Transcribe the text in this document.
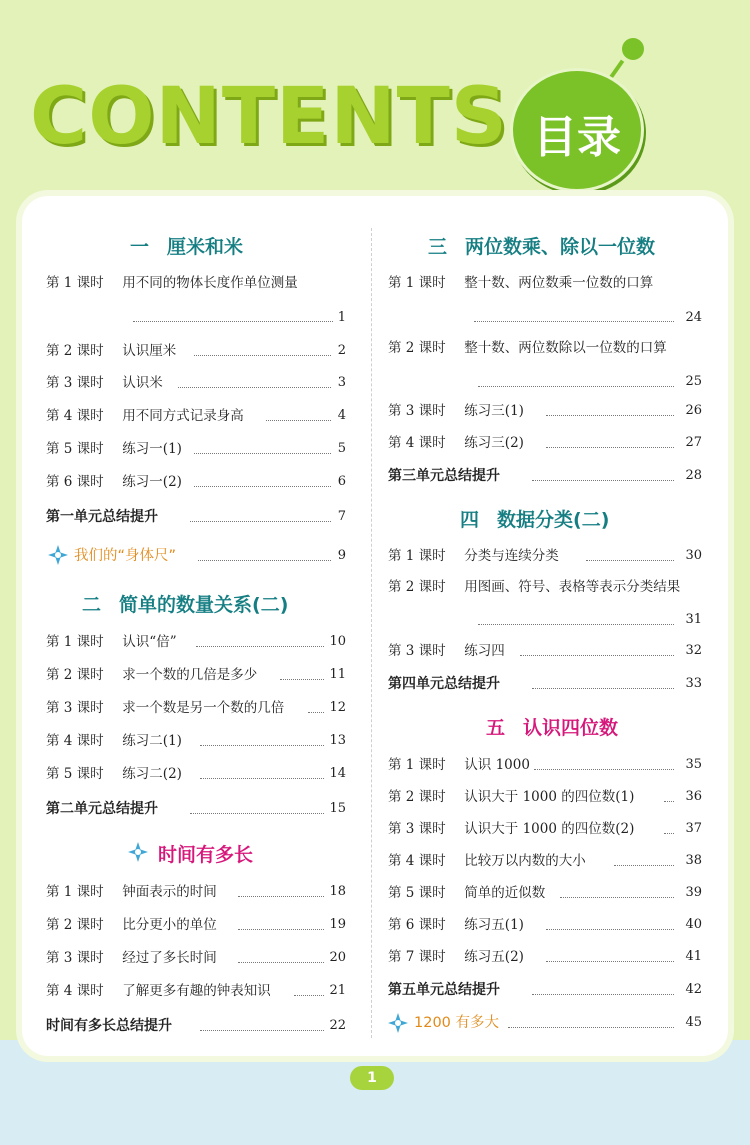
CONTENTS 目录
一 厘米和米
第 1 课时 用不同的物体长度作单位测量
1
第 2 课时 认识厘米	2
第 3 课时 认识米	3
第 4 课时 用不同方式记录身高	4
第 5 课时 练习一(1)	5
第 6 课时 练习一(2)	6
第一单元总结提升	7
我们的“身体尺”	9
二 简单的数量关系(二)
第 1 课时 认识“倍”	10
第 2 课时 求一个数的几倍是多少	11
第 3 课时 求一个数是另一个数的几倍	12
第 4 课时 练习二(1)	13
第 5 课时 练习二(2)	14
第二单元总结提升	15
时间有多长
第 1 课时 钟面表示的时间	18
第 2 课时 比分更小的单位	19
第 3 课时 经过了多长时间	20
第 4 课时 了解更多有趣的钟表知识	21
时间有多长总结提升	22
三 两位数乘、除以一位数
第 1 课时 整十数、两位数乘一位数的口算
24
第 2 课时 整十数、两位数除以一位数的口算
25
第 3 课时 练习三(1)	26
第 4 课时 练习三(2)	27
第三单元总结提升	28
四 数据分类(二)
第 1 课时 分类与连续分类	30
第 2 课时 用图画、符号、表格等表示分类结果
31
第 3 课时 练习四	32
第四单元总结提升	33
五 认识四位数
第 1 课时 认识 1000	35
第 2 课时 认识大于 1000 的四位数(1)	36
第 3 课时 认识大于 1000 的四位数(2)	37
第 4 课时 比较万以内数的大小	38
第 5 课时 简单的近似数	39
第 6 课时 练习五(1)	40
第 7 课时 练习五(2)	41
第五单元总结提升	42
1200 有多大	45
1
